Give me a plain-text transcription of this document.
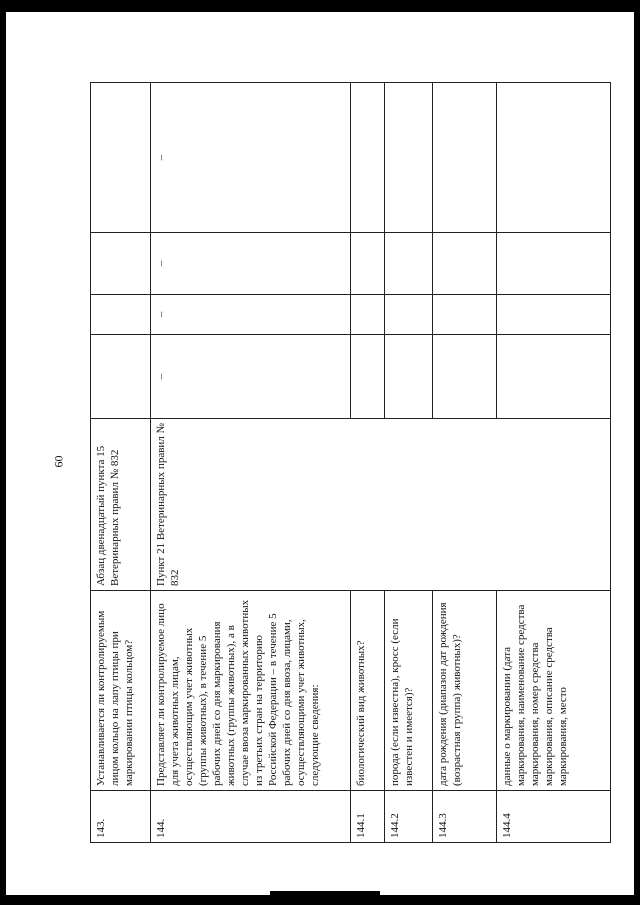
60
143.	Устанавливается ли контролируемым лицом кольцо на лапу птицы при маркировании птицы кольцом?	Абзац двенадцатый пункта 15 Ветеринарных правил № 832				
144.	Представляет ли контролируемое лицо для учета животных лицам, осуществляющим учет животных (группы животных), в течение 5 рабочих дней со дня маркирования животных (группы животных), а в случае ввоза маркированных животных из третьих стран на территорию Российской Федерации – в течение 5 рабочих дней со дня ввоза, лицами, осуществляющими учет животных, следующие сведения:	Пункт 21 Ветеринарных правил № 832	–	–	–	–
144.1	биологический вид животных?					
144.2	порода (если известна), кросс (если известен и имеется)?					
144.3	дата рождения (диапазон дат рождения (возрастная группа) животных)?					
144.4	данные о маркировании (дата маркирования, наименование средства маркирования, номер средства маркирования, описание средства маркирования, место					
